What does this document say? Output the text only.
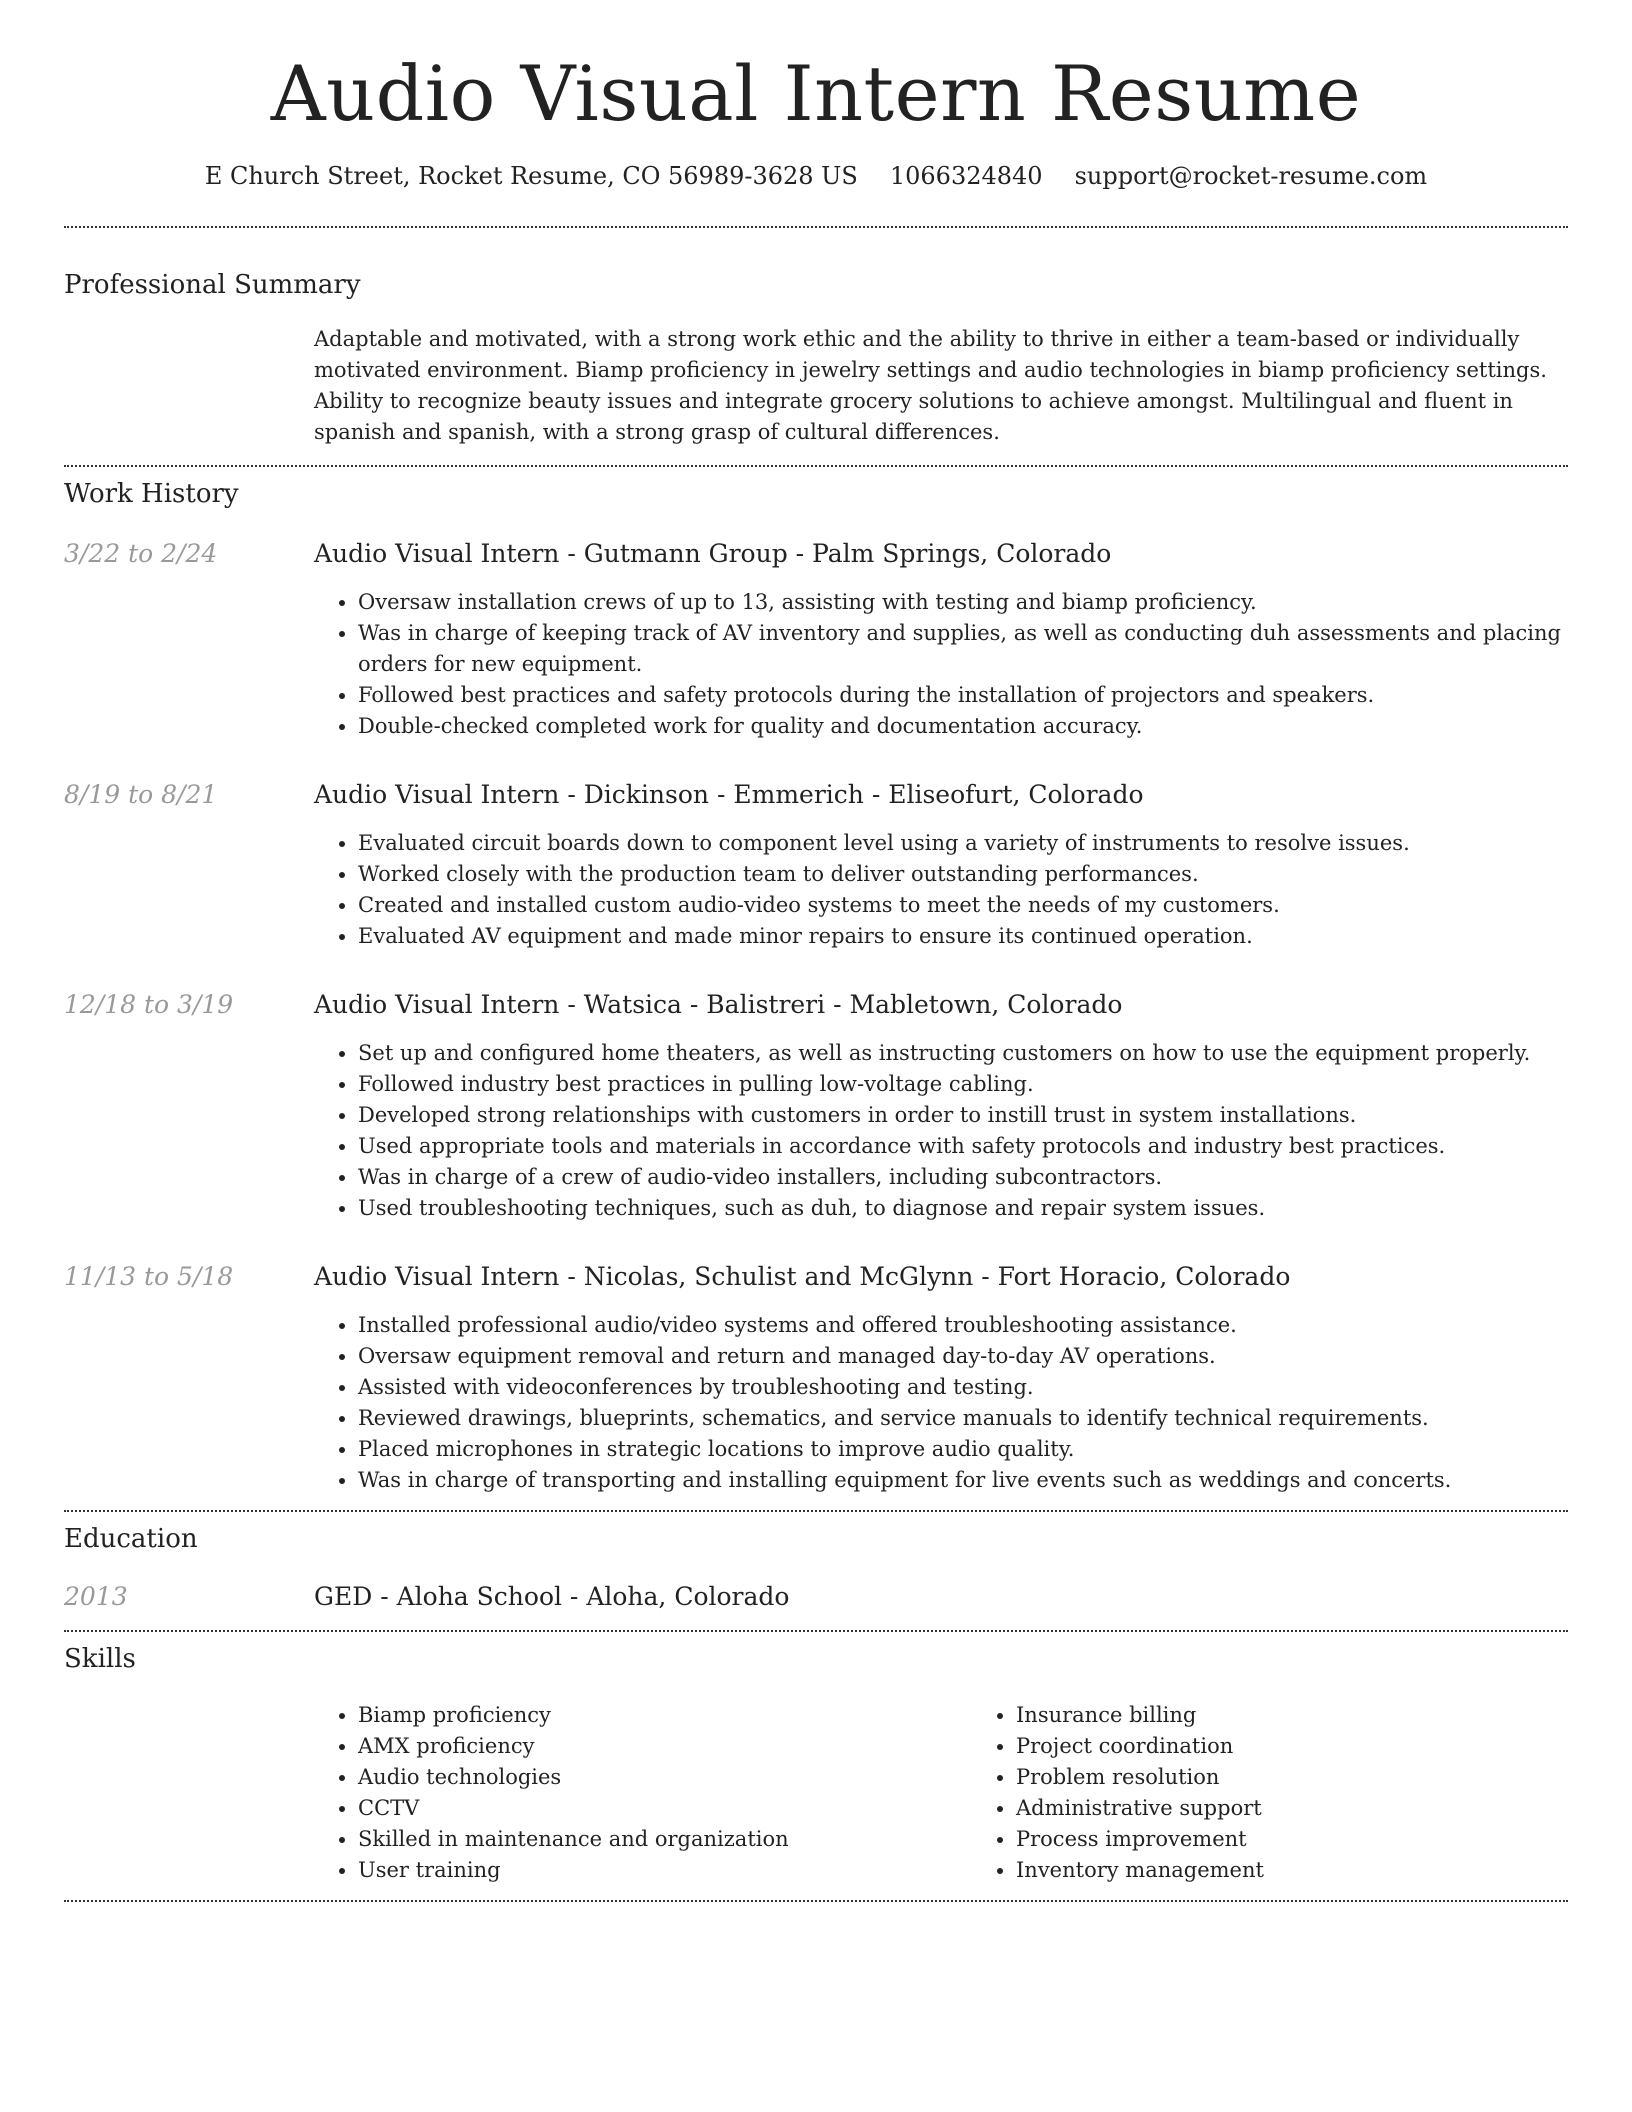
Audio Visual Intern Resume
E Church Street, Rocket Resume, CO 56989-3628 US 1066324840 support@rocket-resume.com
Professional Summary
Adaptable and motivated, with a strong work ethic and the ability to thrive in either a team-based or individually motivated environment. Biamp proficiency in jewelry settings and audio technologies in biamp proficiency settings. Ability to recognize beauty issues and integrate grocery solutions to achieve amongst. Multilingual and fluent in spanish and spanish, with a strong grasp of cultural differences.
Work History
3/22 to 2/24	Audio Visual Intern - Gutmann Group - Palm Springs, Colorado
• Oversaw installation crews of up to 13, assisting with testing and biamp proficiency.
• Was in charge of keeping track of AV inventory and supplies, as well as conducting duh assessments and placing orders for new equipment.
• Followed best practices and safety protocols during the installation of projectors and speakers.
• Double-checked completed work for quality and documentation accuracy.
8/19 to 8/21	Audio Visual Intern - Dickinson - Emmerich - Eliseofurt, Colorado
• Evaluated circuit boards down to component level using a variety of instruments to resolve issues.
• Worked closely with the production team to deliver outstanding performances.
• Created and installed custom audio-video systems to meet the needs of my customers.
• Evaluated AV equipment and made minor repairs to ensure its continued operation.
12/18 to 3/19	Audio Visual Intern - Watsica - Balistreri - Mabletown, Colorado
• Set up and configured home theaters, as well as instructing customers on how to use the equipment properly.
• Followed industry best practices in pulling low-voltage cabling.
• Developed strong relationships with customers in order to instill trust in system installations.
• Used appropriate tools and materials in accordance with safety protocols and industry best practices.
• Was in charge of a crew of audio-video installers, including subcontractors.
• Used troubleshooting techniques, such as duh, to diagnose and repair system issues.
11/13 to 5/18	Audio Visual Intern - Nicolas, Schulist and McGlynn - Fort Horacio, Colorado
• Installed professional audio/video systems and offered troubleshooting assistance.
• Oversaw equipment removal and return and managed day-to-day AV operations.
• Assisted with videoconferences by troubleshooting and testing.
• Reviewed drawings, blueprints, schematics, and service manuals to identify technical requirements.
• Placed microphones in strategic locations to improve audio quality.
• Was in charge of transporting and installing equipment for live events such as weddings and concerts.
Education
2013	GED - Aloha School - Aloha, Colorado
Skills
• Biamp proficiency
• AMX proficiency
• Audio technologies
• CCTV
• Skilled in maintenance and organization
• User training
• Insurance billing
• Project coordination
• Problem resolution
• Administrative support
• Process improvement
• Inventory management
